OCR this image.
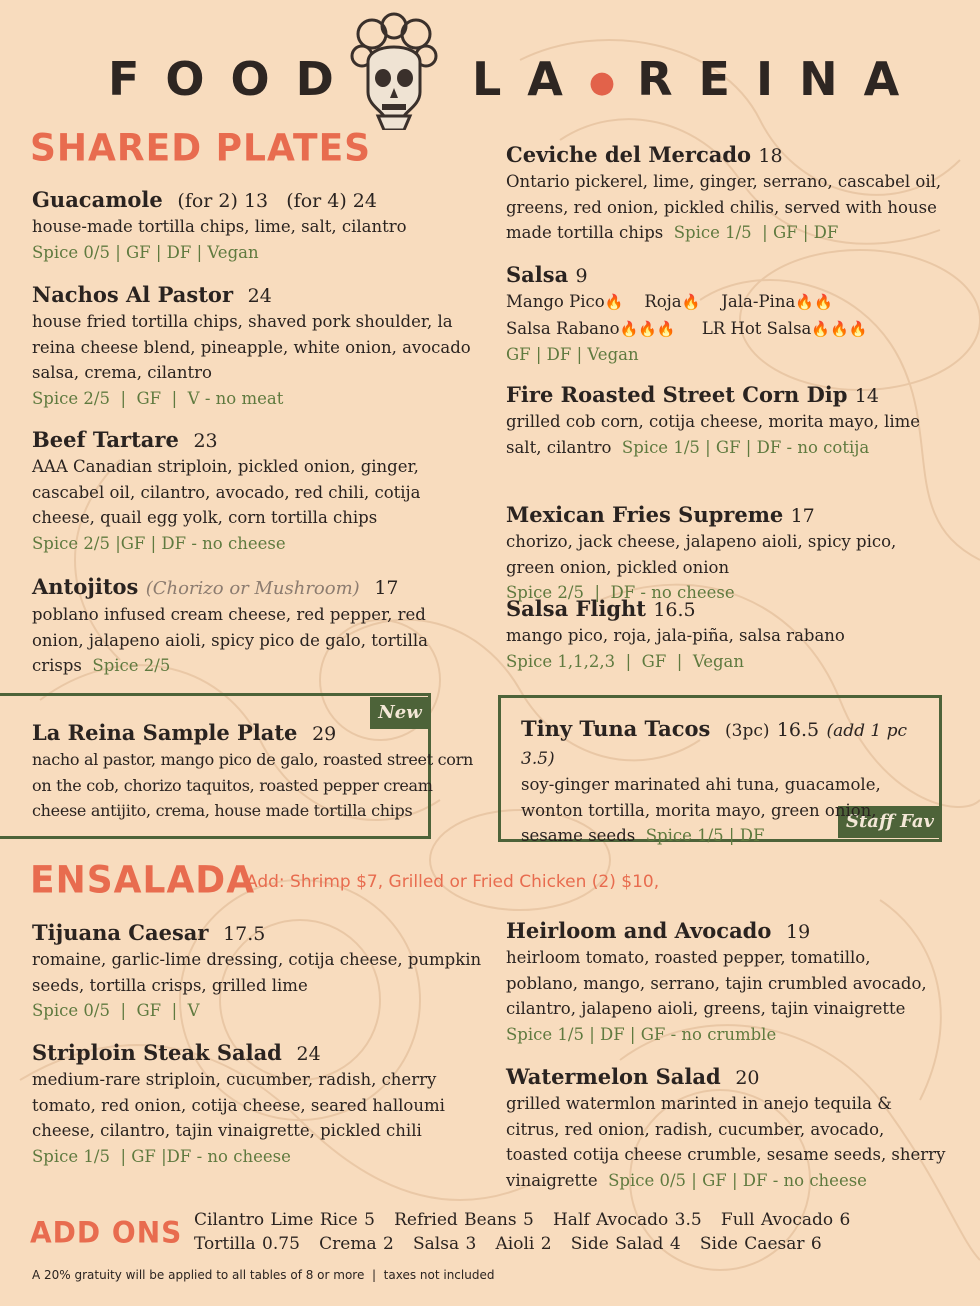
FOOD LA● REINA
SHARED PLATES
Guacamole (for 2) 13   (for 4) 24
house-made tortilla chips, lime, salt, cilantro
Spice 0/5 | GF | DF | Vegan
Nachos Al Pastor 24
house fried tortilla chips, shaved pork shoulder, la reina cheese blend, pineapple, white onion, avocado salsa, crema, cilantro
Spice 2/5  |  GF  |  V - no meat
Beef Tartare 23
AAA Canadian striploin, pickled onion, ginger, cascabel oil, cilantro, avocado, red chili, cotija cheese, quail egg yolk, corn tortilla chips
Spice 2/5 |GF | DF - no cheese
Antojitos (Chorizo or Mushroom) 17
poblano infused cream cheese, red pepper, red onion, jalapeno aioli, spicy pico de galo, tortilla crisps Spice 2/5
Ceviche del Mercado 18
Ontario pickerel, lime, ginger, serrano, cascabel oil, greens, red onion, pickled chilis, served with house made tortilla chips Spice 1/5  | GF | DF
Salsa 9
Mango Pico🔥 Roja🔥 Jala-Pina🔥🔥
Salsa Rabano🔥🔥🔥 LR Hot Salsa🔥🔥🔥
GF | DF | Vegan
Fire Roasted Street Corn Dip 14
grilled cob corn, cotija cheese, morita mayo, lime salt, cilantro Spice 1/5 | GF | DF - no cotija
Mexican Fries Supreme 17
chorizo, jack cheese, jalapeno aioli, spicy pico, green onion, pickled onion  Spice 2/5  |  DF - no cheese
Salsa Flight 16.5
mango pico, roja, jala-piña, salsa rabano
Spice 1,1,2,3  |  GF  |  Vegan
New
La Reina Sample Plate 29
nacho al pastor, mango pico de galo, roasted street corn on the cob, chorizo taquitos, roasted pepper cream cheese antijito, crema, house made tortilla chips
Staff Fav
Tiny Tuna Tacos (3pc) 16.5 (add 1 pc 3.5)
soy-ginger marinated ahi tuna, guacamole, wonton tortilla, morita mayo, green onion, sesame seeds Spice 1/5 | DF
ENSALADA
Add: Shrimp $7, Grilled or Fried Chicken (2) $10,
Tijuana Caesar 17.5
romaine, garlic-lime dressing, cotija cheese, pumpkin seeds, tortilla crisps, grilled lime
Spice 0/5  |  GF  |  V
Striploin Steak Salad 24
medium-rare striploin, cucumber, radish, cherry tomato, red onion, cotija cheese, seared halloumi cheese, cilantro, tajin vinaigrette, pickled chili  Spice 1/5  | GF |DF - no cheese
Heirloom and Avocado 19
heirloom tomato, roasted pepper, tomatillo, poblano, mango, serrano, tajin crumbled avocado, cilantro, jalapeno aioli, greens, tajin vinaigrette
Spice 1/5 | DF | GF - no crumble
Watermelon Salad 20
grilled watermlon marinted in anejo tequila & citrus, red onion, radish, cucumber, avocado, toasted cotija cheese crumble, sesame seeds, sherry vinaigrette Spice 0/5 | GF | DF - no cheese
ADD ONS Cilantro Lime Rice 5   Refried Beans 5   Half Avocado 3.5   Full Avocado 6
Tortilla 0.75   Crema 2   Salsa 3   Aioli 2   Side Salad 4   Side Caesar 6
A 20% gratuity will be applied to all tables of 8 or more  |  taxes not included
